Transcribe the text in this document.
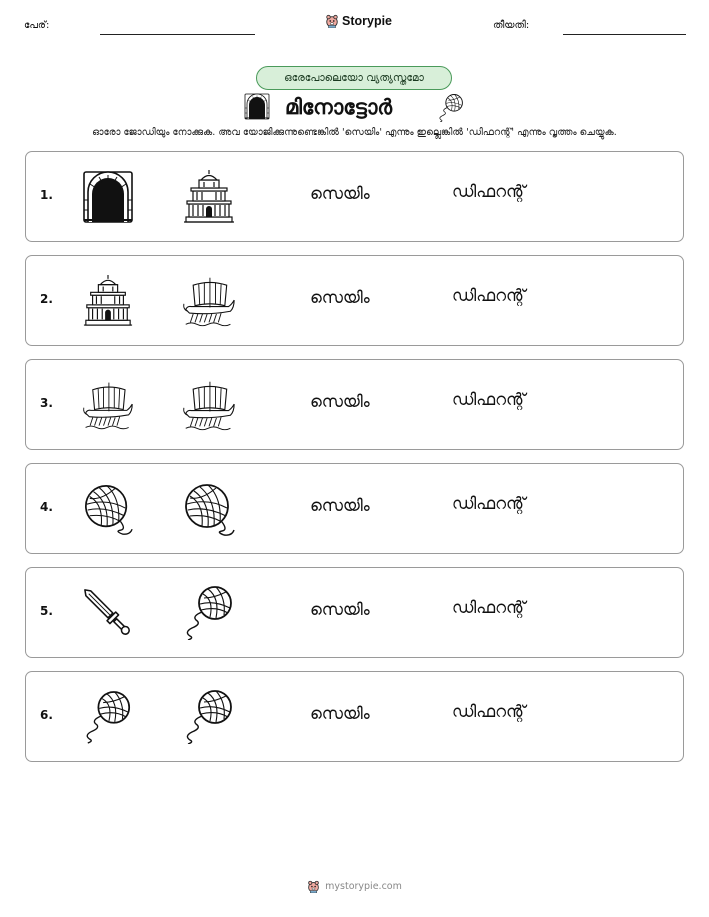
പേര്:	Storypie	തീയതി:
ഒരേപോലെയോ വ്യത്യസ്തമോ
മിനോട്ടോർ
ഓരോ ജോഡിയും നോക്കുക. അവ യോജിക്കുന്നുണ്ടെങ്കിൽ 'സെയിം' എന്നും ഇല്ലെങ്കിൽ 'ഡിഫറന്റ്' എന്നും വൃത്തം ചെയ്യുക.
1.	സെയിം	ഡിഫറന്റ്
2.	സെയിം	ഡിഫറന്റ്
3.	സെയിം	ഡിഫറന്റ്
4.	സെയിം	ഡിഫറന്റ്
5.	സെയിം	ഡിഫറന്റ്
6.	സെയിം	ഡിഫറന്റ്
mystorypie.com
